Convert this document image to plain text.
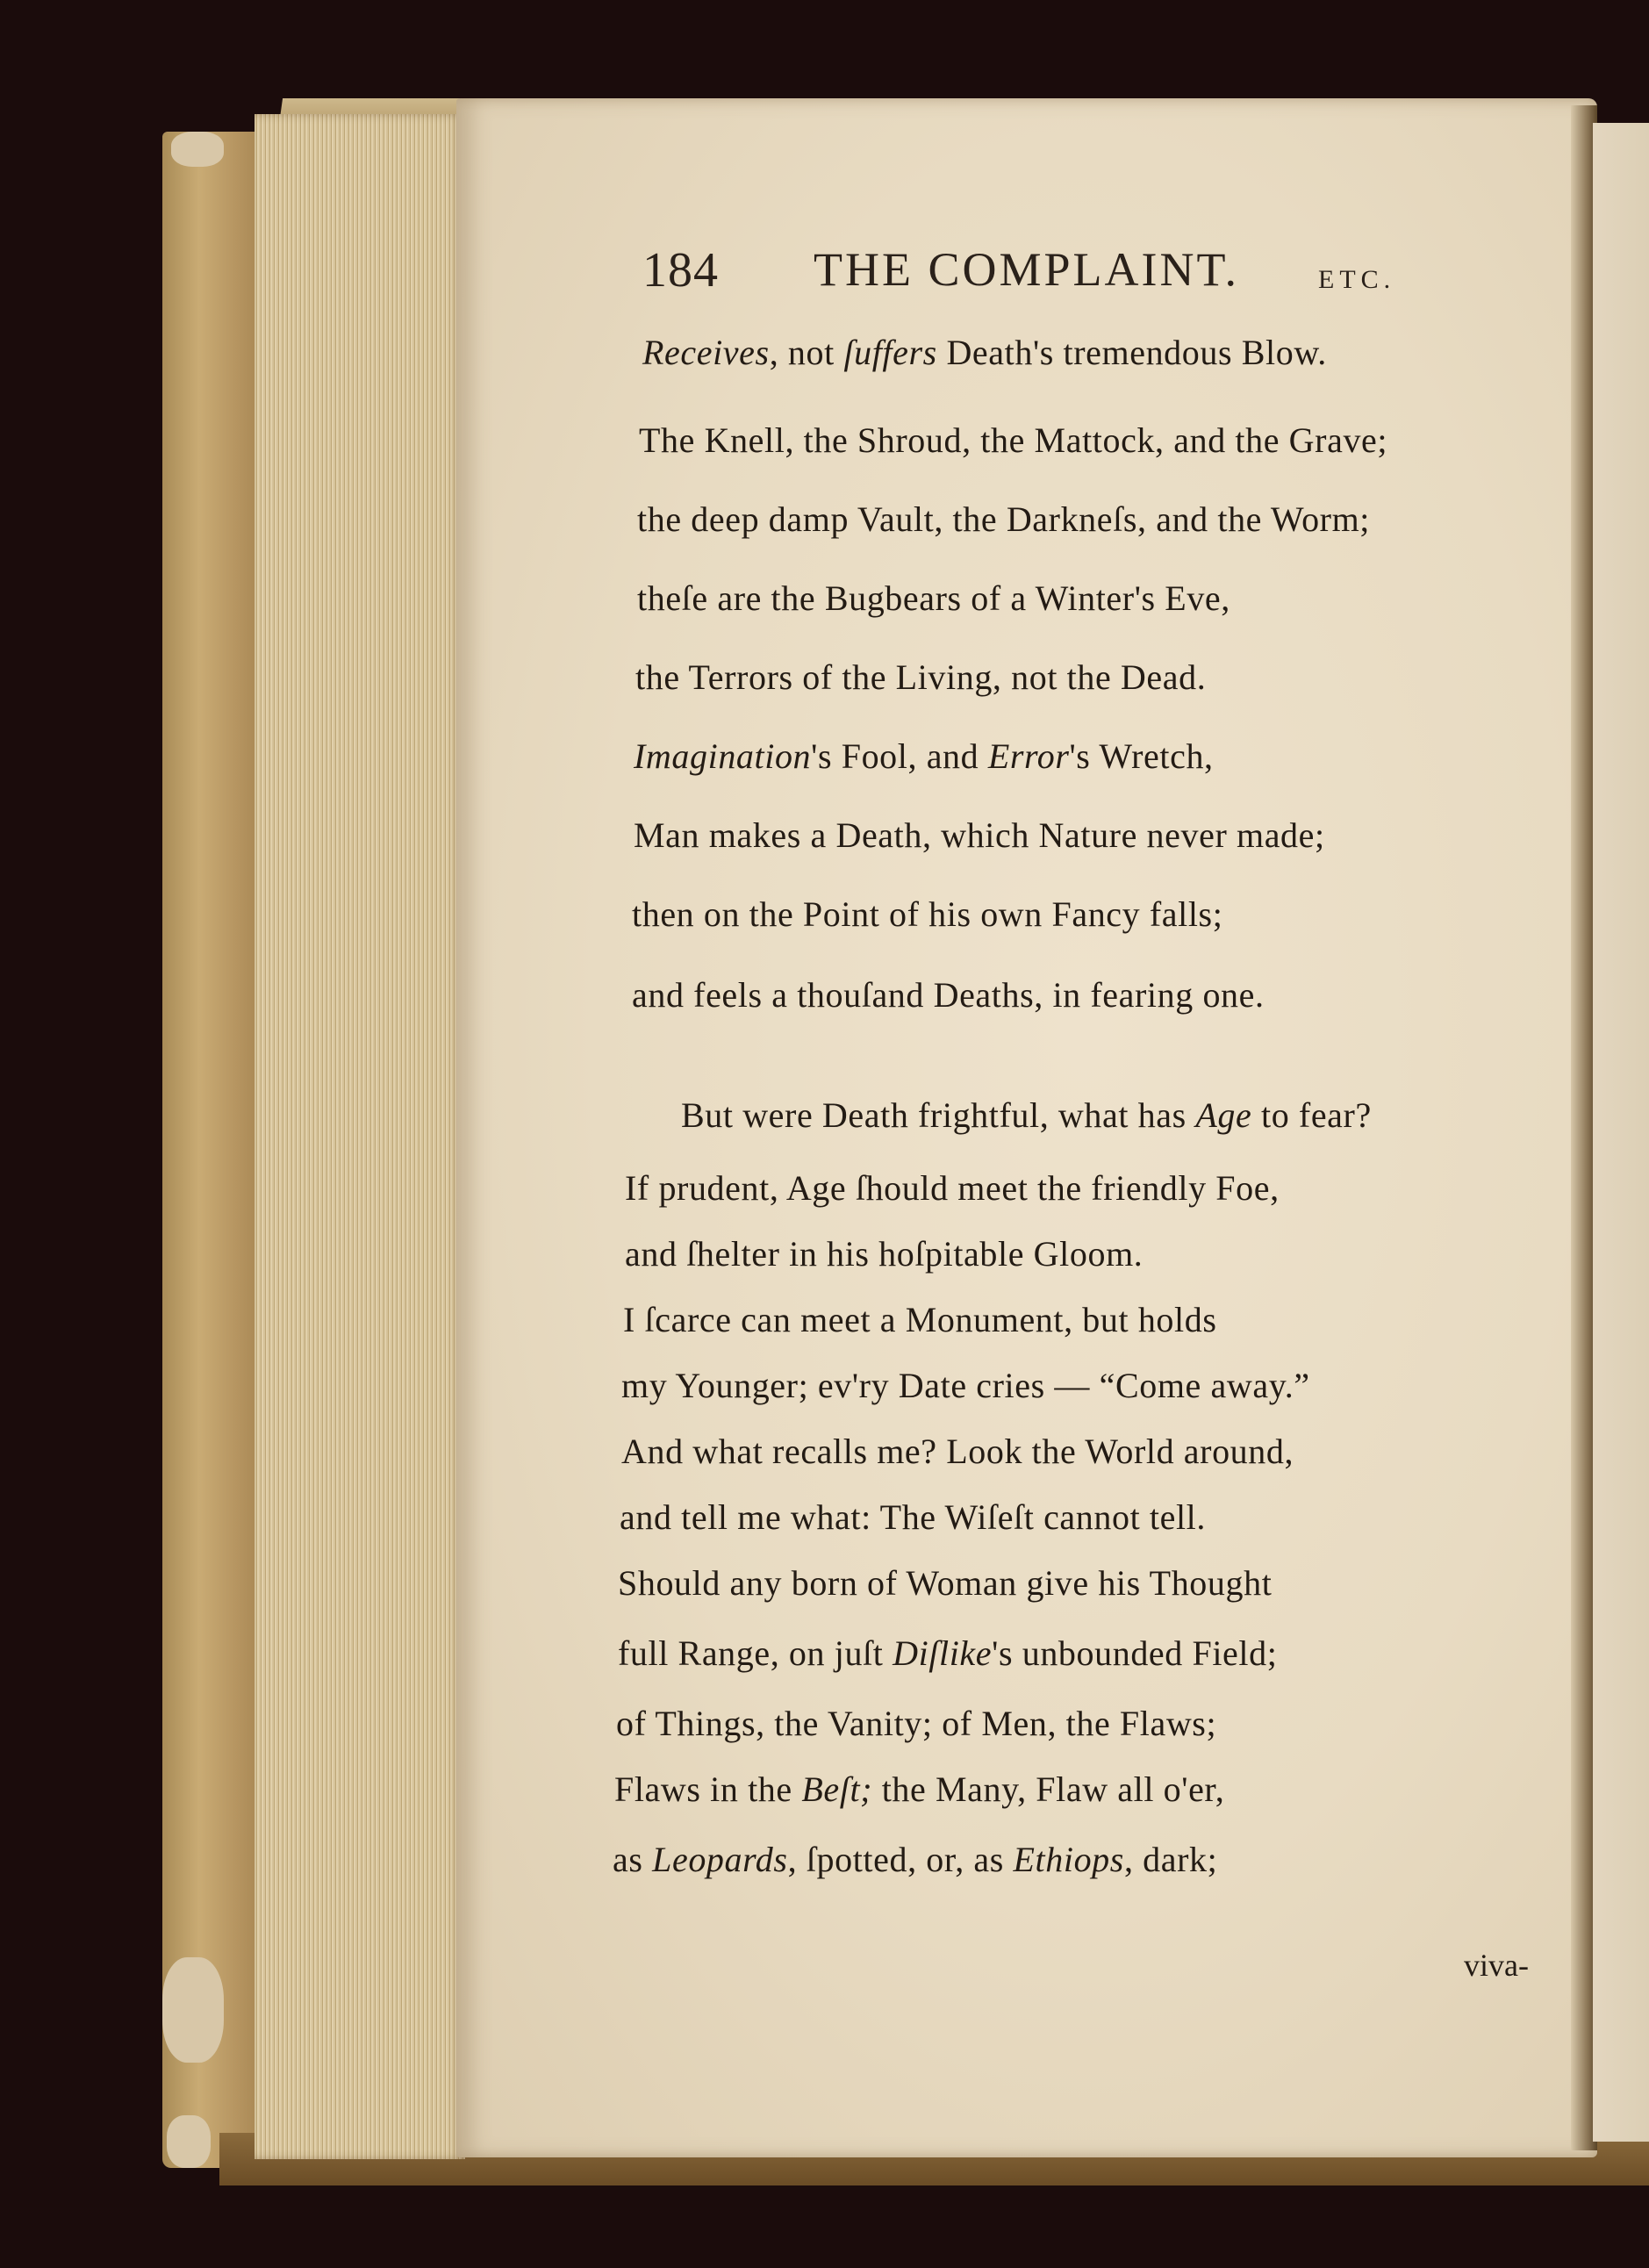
184 THE COMPLAINT.	ETC.
Receives, not ſuffers Death's tremendous Blow.
The Knell, the Shroud, the Mattock, and the Grave;
the deep damp Vault, the Darkneſs, and the Worm;
theſe are the Bugbears of a Winter's Eve,
the Terrors of the Living, not the Dead.
Imagination's Fool, and Error's Wretch,
Man makes a Death, which Nature never made;
then on the Point of his own Fancy falls;
and feels a thouſand Deaths, in fearing one.
But were Death frightful, what has Age to fear?
If prudent, Age ſhould meet the friendly Foe,
and ſhelter in his hoſpitable Gloom.
I ſcarce can meet a Monument, but holds
my Younger; ev'ry Date cries — “Come away.”
And what recalls me? Look the World around,
and tell me what: The Wiſeſt cannot tell.
Should any born of Woman give his Thought
full Range, on juſt Diſlike's unbounded Field;
of Things, the Vanity; of Men, the Flaws;
Flaws in the Beſt; the Many, Flaw all o'er,
as Leopards, ſpotted, or, as Ethiops, dark;
viva-
